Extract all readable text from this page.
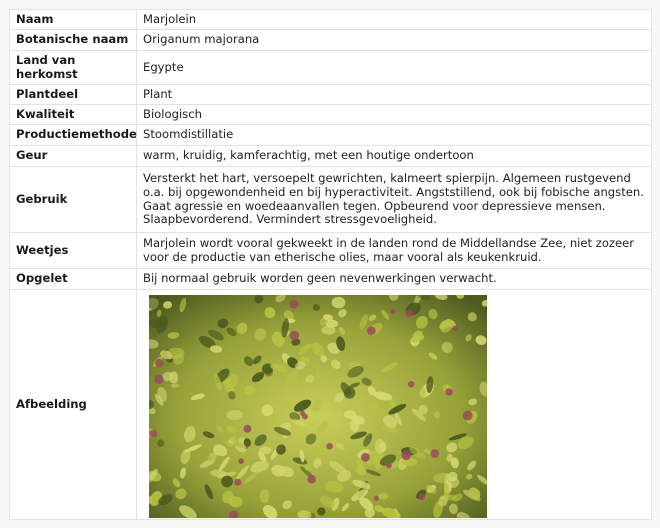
Naam	Marjolein
Botanische naam	Origanum majorana
Land van herkomst	Egypte
Plantdeel	Plant
Kwaliteit	Biologisch
Productiemethode	Stoomdistillatie
Geur	warm, kruidig, kamferachtig, met een houtige ondertoon
Gebruik	Versterkt het hart, versoepelt gewrichten, kalmeert spierpijn. Algemeen rustgevend o.a. bij opgewondenheid en bij hyperactiviteit. Angststillend, ook bij fobische angsten. Gaat agressie en woedeaanvallen tegen. Opbeurend voor depressieve mensen. Slaapbevorderend. Vermindert stressgevoeligheid.
Weetjes	Marjolein wordt vooral gekweekt in de landen rond de Middellandse Zee, niet zozeer voor de productie van etherische olies, maar vooral als keukenkruid.
Opgelet	Bij normaal gebruik worden geen nevenwerkingen verwacht.
Afbeelding	
